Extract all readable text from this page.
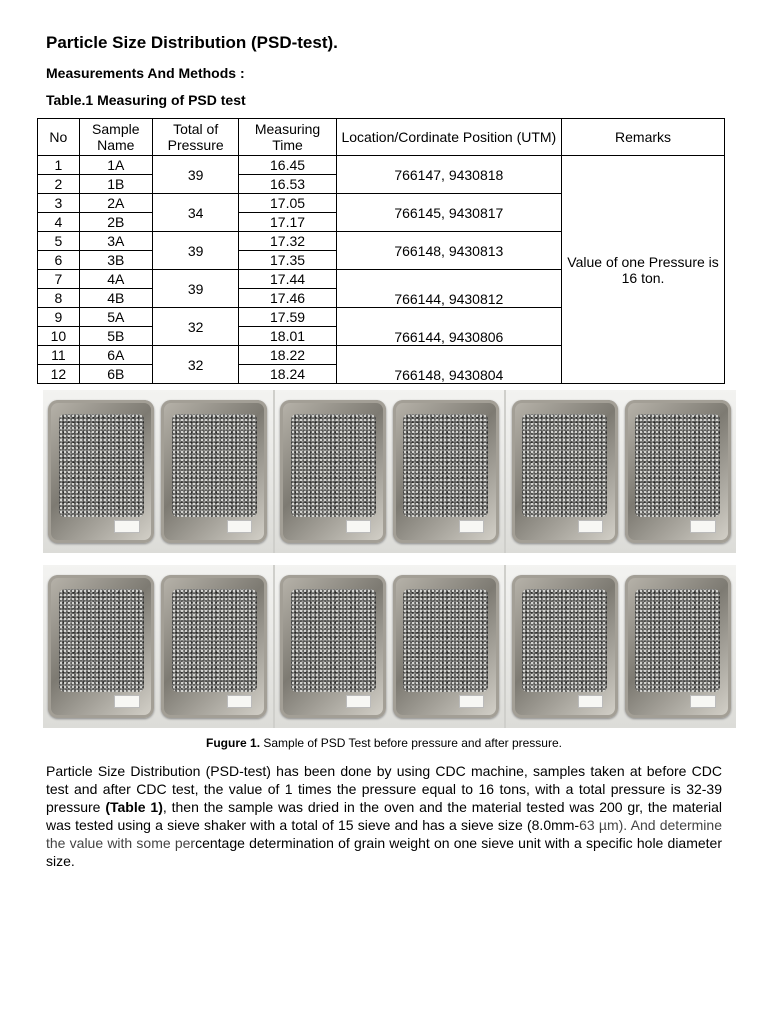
Particle Size Distribution (PSD-test).
Measurements And Methods :
Table.1 Measuring of PSD test
No	Sample Name	Total of Pressure	Measuring Time	Location/Cordinate Position (UTM)	Remarks
1	1A	39	16.45	766147, 9430818	Value of one Pressure is 16 ton.
2	1B		16.53		
3	2A	34	17.05	766145, 9430817	
4	2B		17.17		
5	3A	39	17.32	766148, 9430813	
6	3B		17.35		
7	4A	39	17.44	766144, 9430812	
8	4B		17.46		
9	5A	32	17.59	766144, 9430806	
10	5B		18.01		
11	6A	32	18.22	766148, 9430804	
12	6B		18.24		
Fugure 1. Sample of PSD Test before pressure and after pressure.
Particle Size Distribution (PSD-test) has been done by using CDC machine, samples taken at before CDC test and after CDC test, the value of 1 times the pressure equal to 16 tons, with a total pressure is 32-39 pressure (Table 1), then the sample was dried in the oven and the material tested was 200 gr, the material was tested using a sieve shaker with a total of 15 sieve and has a sieve size (8.0mm-63 µm). And determine the value with some percentage determination of grain weight on one sieve unit with a specific hole diameter size.
